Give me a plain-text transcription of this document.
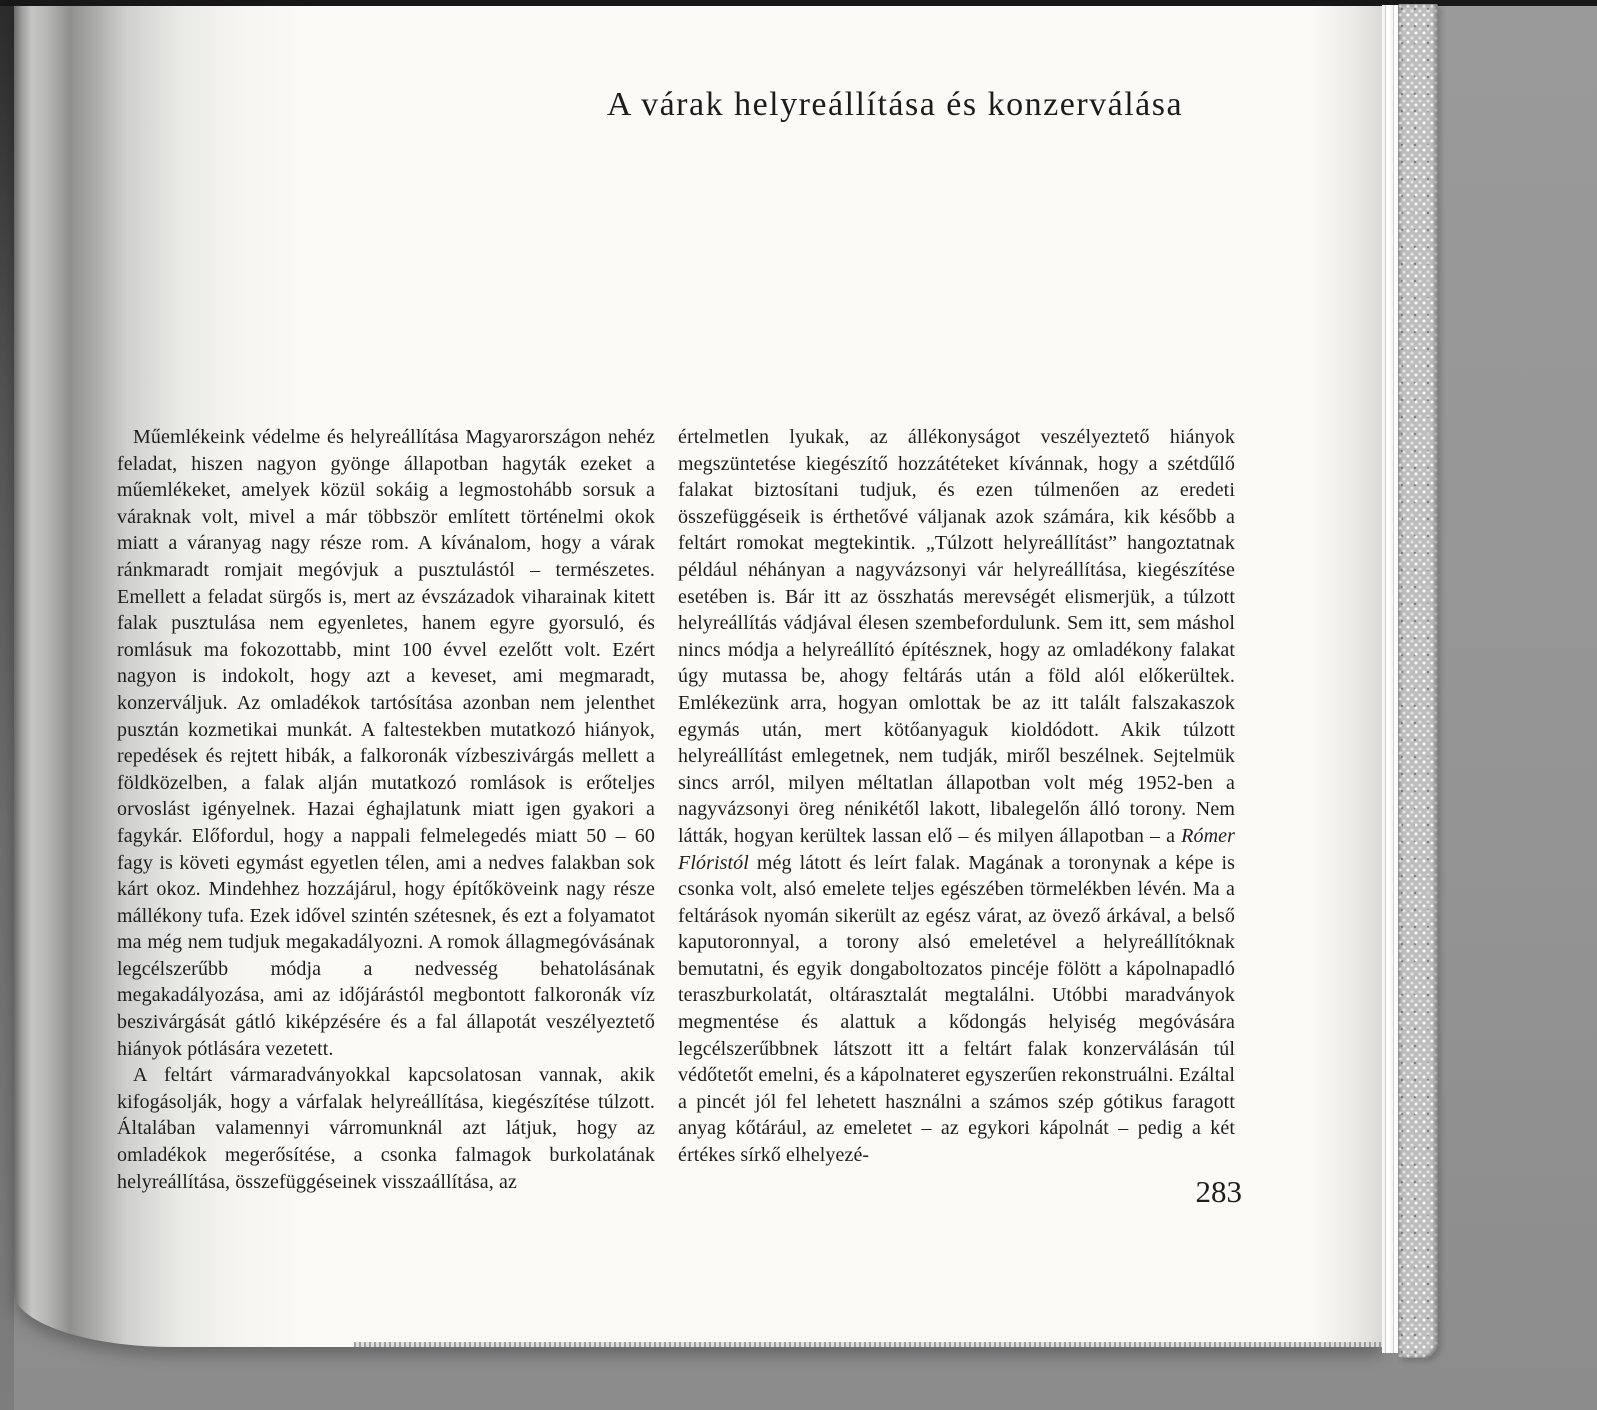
A várak helyreállítása és konzerválása

Műemlékeink védelme és helyreállítása Magyarországon nehéz feladat, hiszen nagyon gyönge állapotban hagyták ezeket a műemlékeket, amelyek közül sokáig a legmostohább sorsuk a váraknak volt, mivel a már többször említett történelmi okok miatt a váranyag nagy része rom. A kívánalom, hogy a várak ránkmaradt romjait megóvjuk a pusztulástól – természetes. Emellett a feladat sürgős is, mert az évszázadok viharainak kitett falak pusztulása nem egyenletes, hanem egyre gyorsuló, és romlásuk ma fokozottabb, mint 100 évvel ezelőtt volt. Ezért nagyon is indokolt, hogy azt a keveset, ami megmaradt, konzerváljuk. Az omladékok tartósítása azonban nem jelenthet pusztán kozmetikai munkát. A faltestekben mutatkozó hiányok, repedések és rejtett hibák, a falkoronák vízbeszivárgás mellett a földközelben, a falak alján mutatkozó romlások is erőteljes orvoslást igényelnek. Hazai éghajlatunk miatt igen gyakori a fagykár. Előfordul, hogy a nappali felmelegedés miatt 50 – 60 fagy is követi egymást egyetlen télen, ami a nedves falakban sok kárt okoz. Mindehhez hozzájárul, hogy építőköveink nagy része mállékony tufa. Ezek idővel szintén szétesnek, és ezt a folyamatot ma még nem tudjuk megakadályozni. A romok állagmegóvásának legcélszerűbb módja a nedvesség behatolásának megakadályozása, ami az időjárástól megbontott falkoronák víz beszivárgását gátló kiképzésére és a fal állapotát veszélyeztető hiányok pótlására vezetett.

A feltárt vármaradványokkal kapcsolatosan vannak, akik kifogásolják, hogy a várfalak helyreállítása, kiegészítése túlzott. Általában valamennyi várromunknál azt látjuk, hogy az omladékok megerősítése, a csonka falmagok burkolatának helyreállítása, összefüggéseinek visszaállítása, az

értelmetlen lyukak, az állékonyságot veszélyeztető hiányok megszüntetése kiegészítő hozzátéteket kívánnak, hogy a szétdűlő falakat biztosítani tudjuk, és ezen túlmenően az eredeti összefüggéseik is érthetővé váljanak azok számára, kik később a feltárt romokat megtekintik. „Túlzott helyreállítást” hangoztatnak például néhányan a nagyvázsonyi vár helyreállítása, kiegészítése esetében is. Bár itt az összhatás merevségét elismerjük, a túlzott helyreállítás vádjával élesen szembefordulunk. Sem itt, sem máshol nincs módja a helyreállító építésznek, hogy az omladékony falakat úgy mutassa be, ahogy feltárás után a föld alól előkerültek. Emlékezünk arra, hogyan omlottak be az itt talált falszakaszok egymás után, mert kötőanyaguk kioldódott. Akik túlzott helyreállítást emlegetnek, nem tudják, miről beszélnek. Sejtelmük sincs arról, milyen méltatlan állapotban volt még 1952-ben a nagyvázsonyi öreg nénikétől lakott, libalegelőn álló torony. Nem látták, hogyan kerültek lassan elő – és milyen állapotban – a Rómer Flóristól még látott és leírt falak. Magának a toronynak a képe is csonka volt, alsó emelete teljes egészében törmelékben lévén. Ma a feltárások nyomán sikerült az egész várat, az övező árkával, a belső kaputoronnyal, a torony alsó emeletével a helyreállítóknak bemutatni, és egyik dongaboltozatos pincéje fölött a kápolnapadló teraszburkolatát, oltárasztalát megtalálni. Utóbbi maradványok megmentése és alattuk a kődongás helyiség megóvására legcélszerűbbnek látszott itt a feltárt falak konzerválásán túl védőtetőt emelni, és a kápolnateret egyszerűen rekonstruálni. Ezáltal a pincét jól fel lehetett használni a számos szép gótikus faragott anyag kőtárául, az emeletet – az egykori kápolnát – pedig a két értékes sírkő elhelyezé-

283
